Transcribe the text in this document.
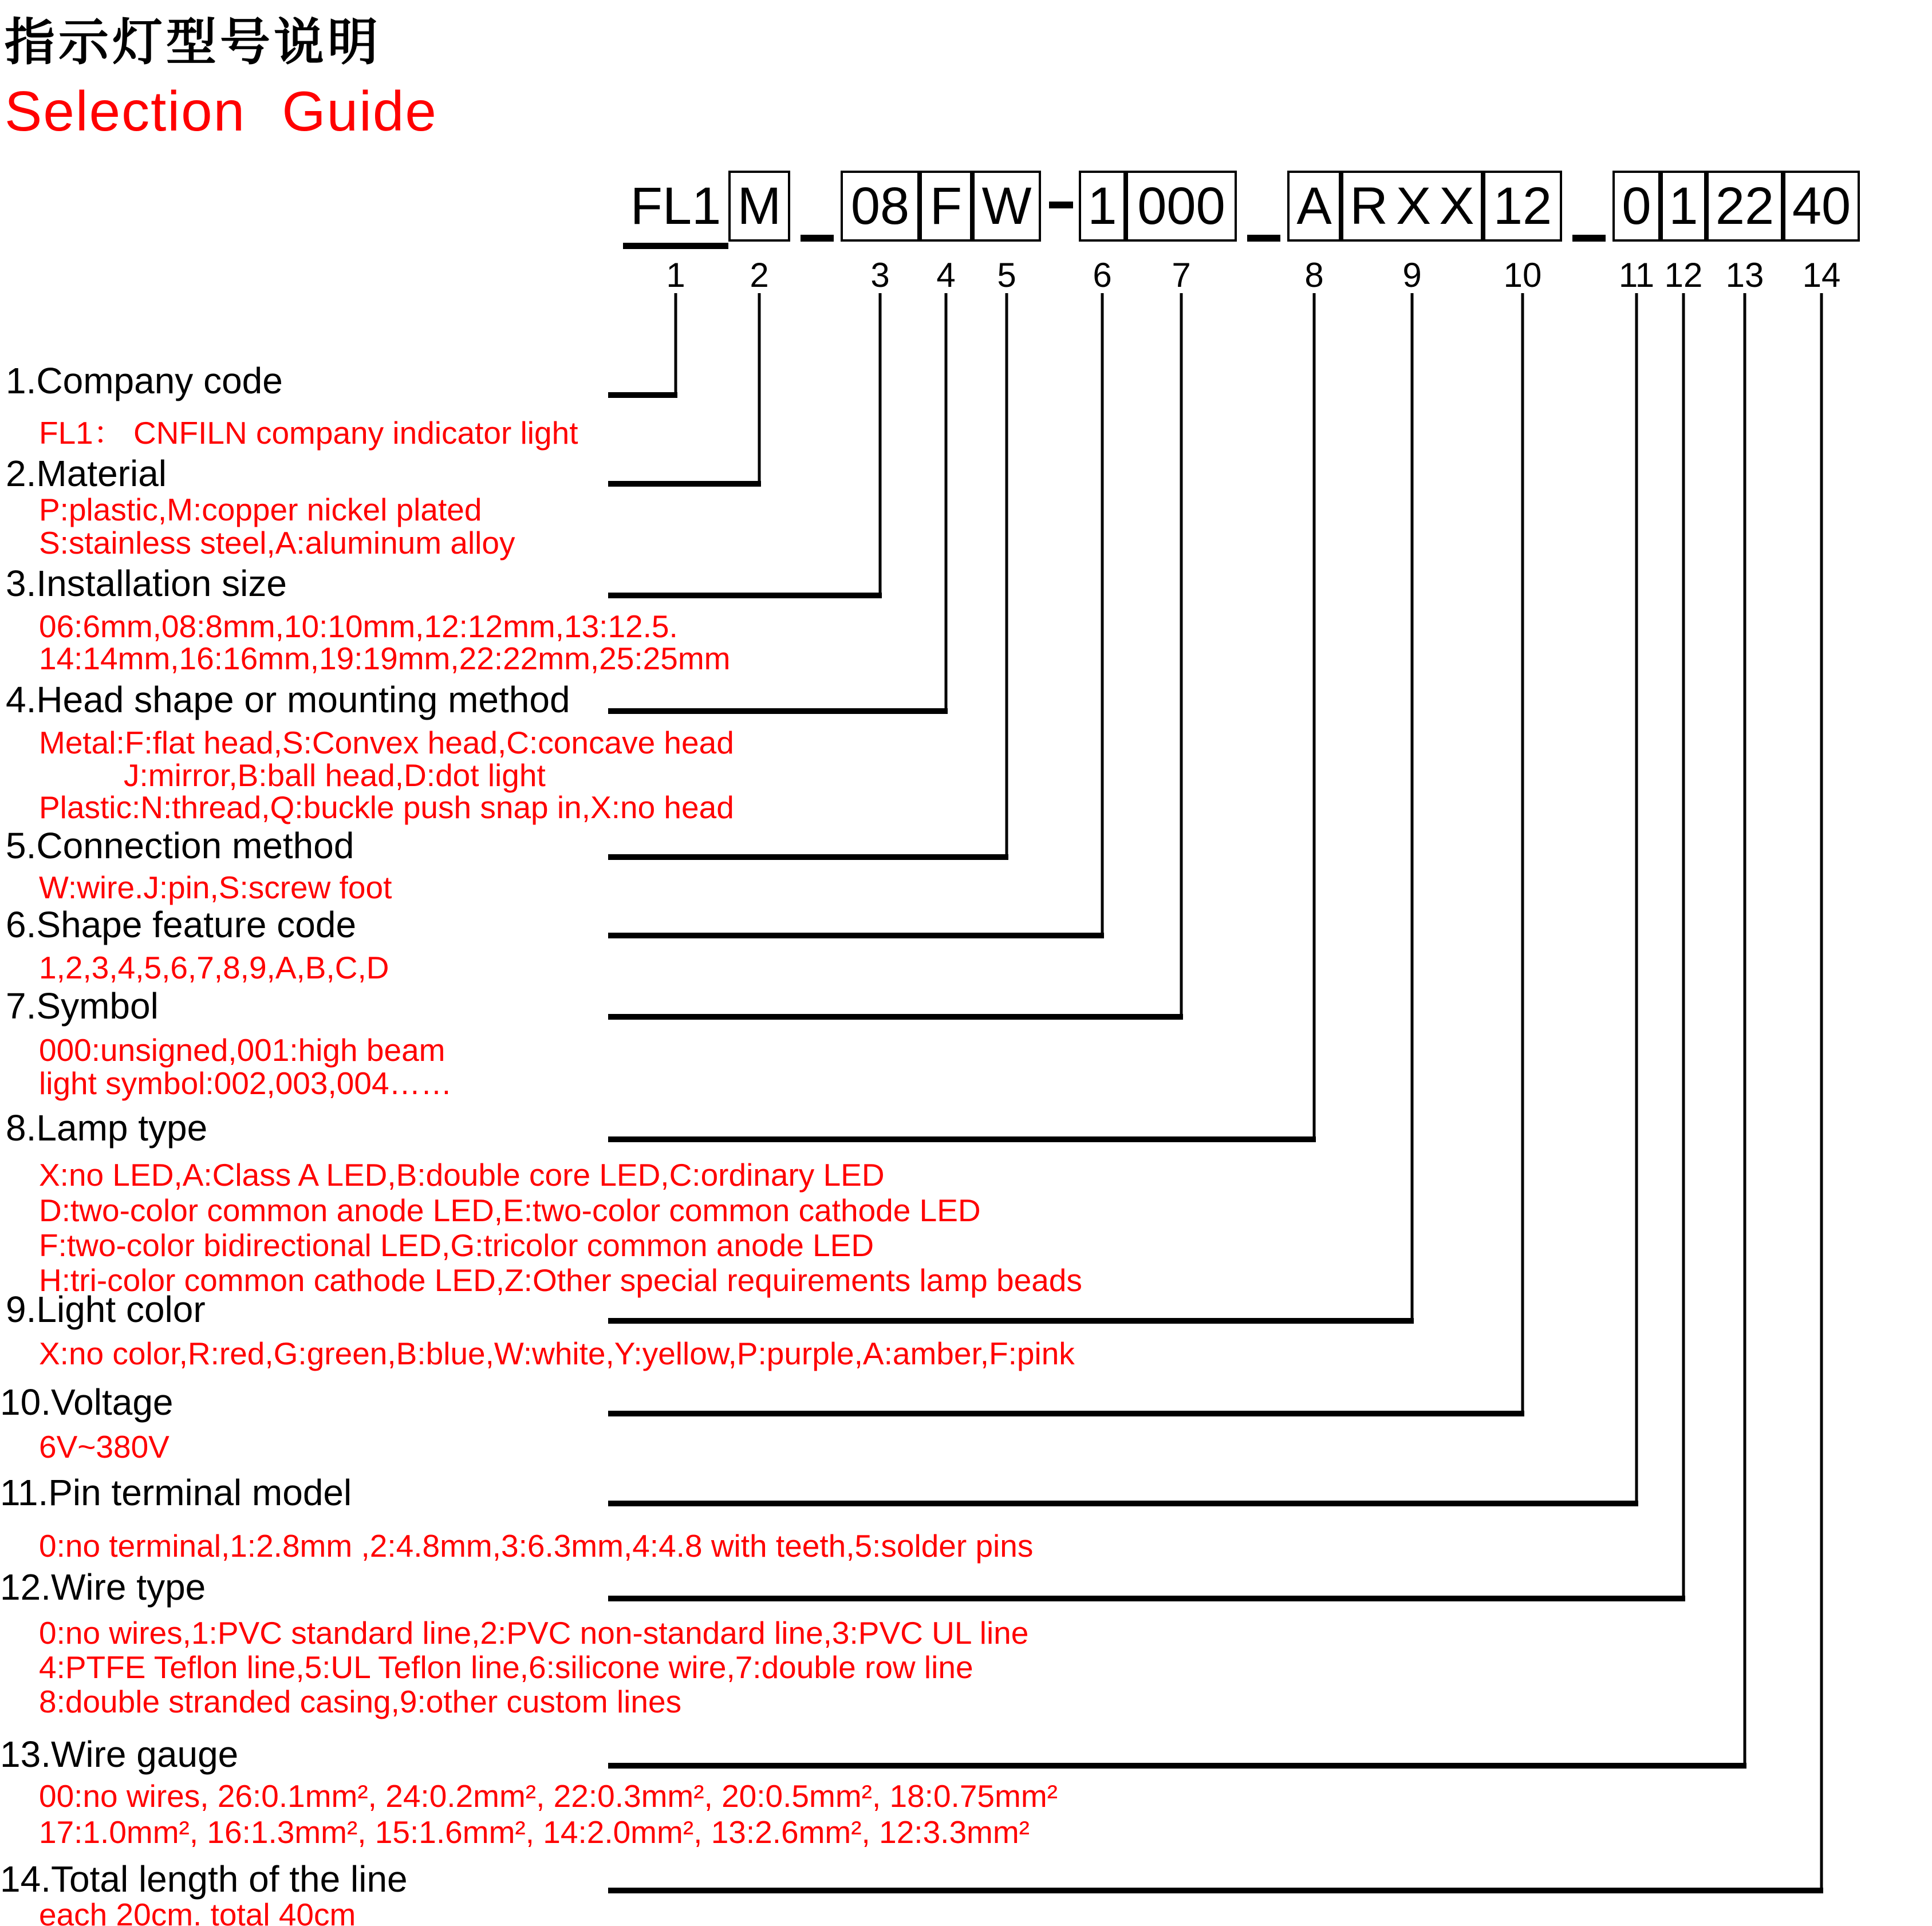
指示灯型号说明
Selection Guide
FL1 M 08 F W 1 000 A RXX 12 0 1 22 40
1 2	3 4 5 6 7	8 9 10 11 12 13 14
1.Company code
FL1： CNFILN company indicator light
2.Material
P:plastic,M:copper nickel plated
S:stainless steel,A:aluminum alloy
3.Installation size
06:6mm,08:8mm,10:10mm,12:12mm,13:12.5.
14:14mm,16:16mm,19:19mm,22:22mm,25:25mm
4.Head shape or mounting method
Metal:F:flat head,S:Convex head,C:concave head
J:mirror,B:ball head,D:dot light
Plastic:N:thread,Q:buckle push snap in,X:no head
5.Connection method
W:wire.J:pin,S:screw foot
6.Shape feature code
1,2,3,4,5,6,7,8,9,A,B,C,D
7.Symbol
000:unsigned,001:high beam
light symbol:002,003,004……
8.Lamp type
X:no LED,A:Class A LED,B:double core LED,C:ordinary LED
D:two-color common anode LED,E:two-color common cathode LED
F:two-color bidirectional LED,G:tricolor common anode LED
H:tri-color common cathode LED,Z:Other special requirements lamp beads
9.Light color
X:no color,R:red,G:green,B:blue,W:white,Y:yellow,P:purple,A:amber,F:pink
10.Voltage
6V~380V
11.Pin terminal model
0:no terminal,1:2.8mm ,2:4.8mm,3:6.3mm,4:4.8 with teeth,5:solder pins
12.Wire type
0:no wires,1:PVC standard line,2:PVC non-standard line,3:PVC UL line
4:PTFE Teflon line,5:UL Teflon line,6:silicone wire,7:double row line
8:double stranded casing,9:other custom lines
13.Wire gauge
00:no wires, 26:0.1mm², 24:0.2mm², 22:0.3mm², 20:0.5mm², 18:0.75mm²
17:1.0mm², 16:1.3mm², 15:1.6mm², 14:2.0mm², 13:2.6mm², 12:3.3mm²
14.Total length of the line
each 20cm. total 40cm
